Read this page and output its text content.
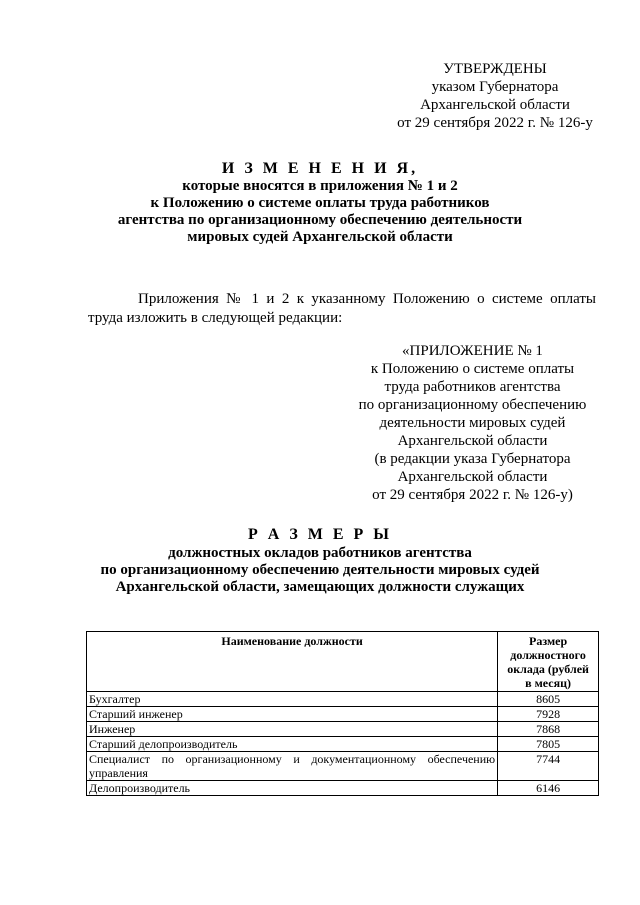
УТВЕРЖДЕНЫ
указом Губернатора
Архангельской области
от 29 сентября 2022 г. № 126-у
И З М Е Н Е Н И Я,
которые вносятся в приложения № 1 и 2
к Положению о системе оплаты труда работников
агентства по организационному обеспечению деятельности
мировых судей Архангельской области
Приложения № 1 и 2 к указанному Положению о системе оплаты
труда изложить в следующей редакции:
«ПРИЛОЖЕНИЕ № 1
к Положению о системе оплаты
труда работников агентства
по организационному обеспечению
деятельности мировых судей
Архангельской области
(в редакции указа Губернатора
Архангельской области
от 29 сентября 2022 г. № 126-у)
Р А З М Е Р Ы
должностных окладов работников агентства
по организационному обеспечению деятельности мировых судей
Архангельской области, замещающих должности служащих
Наименование должности	Размер
должностного
оклада (рублей
в месяц)

Бухгалтер	8605
Старший инженер	7928
Инженер	7868
Старший делопроизводитель	7805
Специалист по организационному и документационному обеспечению управления	7744
Делопроизводитель	6146
